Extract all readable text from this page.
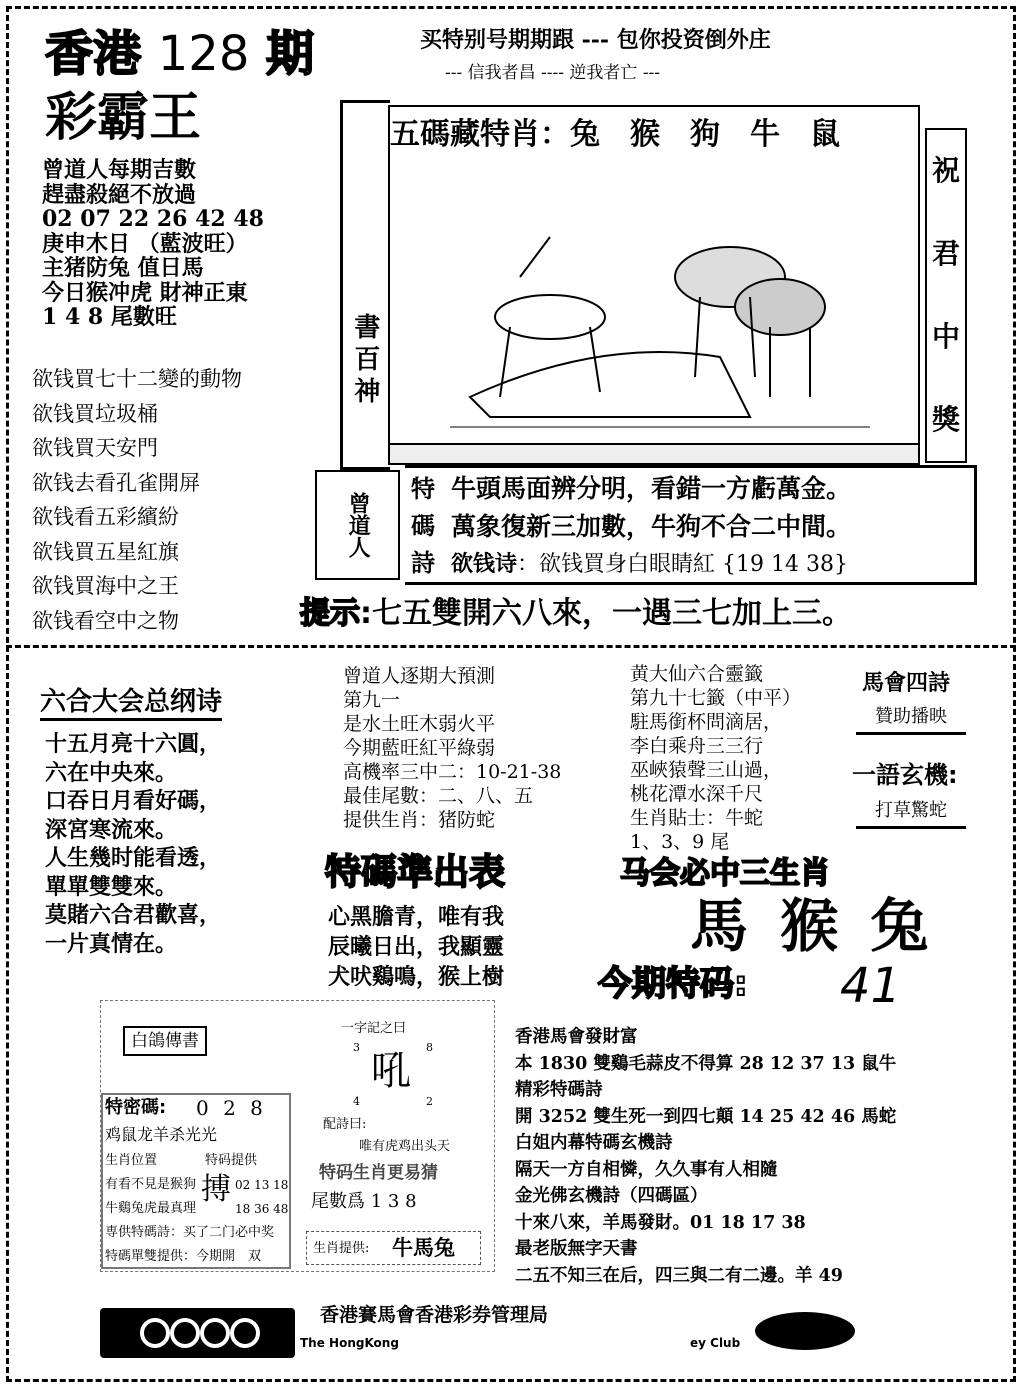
香港 128 期
彩霸王
买特别号期期跟 --- 包你投资倒外庄
--- 信我者昌 ---- 逆我者亡 ---
曾道人每期吉數
趕盡殺絕不放過
02 07 22 26 42 48
庚申木日 （藍波旺）
主猪防兔 值日馬
今日猴冲虎 財神正東
1 4 8 尾數旺
欲钱買七十二變的動物
欲钱買垃圾桶
欲钱買天安門
欲钱去看孔雀開屏
欲钱看五彩繽紛
欲钱買五星紅旗
欲钱買海中之王
欲钱看空中之物
書百神
五碼藏特肖：兔　猴　狗　牛　鼠
祝
君
中
獎
曾道人
特
碼
詩
牛頭馬面辨分明，看錯一方虧萬金。
萬象復新三加數，牛狗不合二中間。
欲钱诗：欲钱買身白眼睛紅 {19 14 38}
提示:七五雙開六八來，一遇三七加上三。
六合大会总纲诗
十五月亮十六圓，
六在中央來。
口吞日月看好碼，
深宮寒流來。
人生幾时能看透，
單單雙雙來。
莫賭六合君歡喜，
一片真情在。
曾道人逐期大預測
第九一
是水土旺木弱火平
今期藍旺紅平綠弱
高機率三中二：10-21-38
最佳尾數：二、八、五
提供生肖：猪防蛇
特碼準出表
心黑膽青，唯有我
辰曦日出，我顯靈
犬吠鷄鳴，猴上樹
黄大仙六合靈籤
第九十七籤（中平）
駐馬銜杯問滴居，
李白乘舟三三行
巫峽猿聲三山過，
桃花潭水深千尺
生肖貼士：牛蛇
1、3、9 尾
馬會四詩
贊助播映
一語玄機:
打草驚蛇
马会必中三生肖
馬 猴 兔
今期特码: 41
白鴿傳書
特密碼: 0 2 8
鸡鼠龙羊杀光光
生肖位置
有看不見是猴狗
牛鷄兔虎最真理
特码提供
搏 02 13 18
18 36 48
専供特碼詩：买了二门必中奖
特碼單雙提供：今期開　双
一字記之曰
3	8
吼
4	2
配詩曰:
唯有虎鸡出头天
特码生肖更易猜
尾數爲 1 3 8
生肖提供: 牛馬兔
香港馬會發財富
本 1830 雙鷄毛蒜皮不得算 28 12 37 13 鼠牛
精彩特碼詩
開 3252 雙生死一到四七顛 14 25 42 46 馬蛇
白姐内幕特碼玄機詩
隔天一方自相憐，久久事有人相隨
金光佛玄機詩（四碼區）
十來八來，羊馬發財。01 18 17 38
最老版無字天書
二五不知三在后，四三與二有二邊。羊 49
香港賽馬會香港彩券管理局
The HongKong	ey Club
